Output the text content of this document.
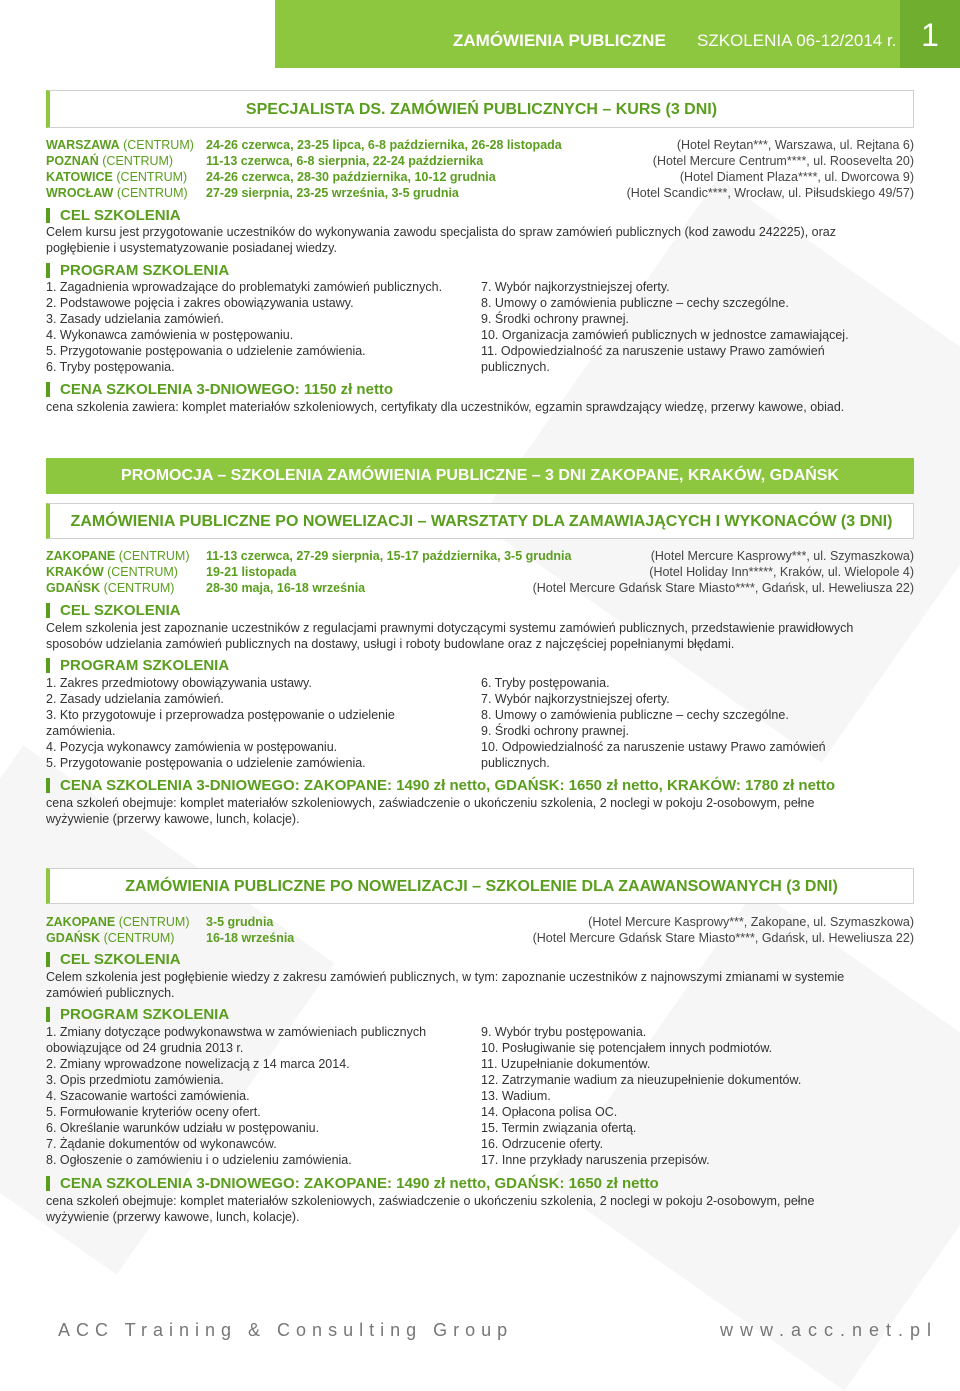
ZAMÓWIENIA PUBLICZNE SZKOLENIA 06-12/2014 r. 1
SPECJALISTA DS. ZAMÓWIEŃ PUBLICZNYCH – KURS (3 DNI)
WARSZAWA (CENTRUM) 24-26 czerwca, 23-25 lipca, 6-8 października, 26-28 listopada	(Hotel Reytan***, Warszawa, ul. Rejtana 6)
POZNAŃ (CENTRUM)	11-13 czerwca, 6-8 sierpnia, 22-24 października	(Hotel Mercure Centrum****, ul. Roosevelta 20)
KATOWICE (CENTRUM) 24-26 czerwca, 28-30 października, 10-12 grudnia	(Hotel Diament Plaza****, ul. Dworcowa 9)
WROCŁAW (CENTRUM) 27-29 sierpnia, 23-25 września, 3-5 grudnia	(Hotel Scandic****, Wrocław, ul. Piłsudskiego 49/57)
CEL SZKOLENIA
Celem kursu jest przygotowanie uczestników do wykonywania zawodu specjalista do spraw zamówień publicznych (kod zawodu 242225), oraz pogłębienie i usystematyzowanie posiadanej wiedzy.
PROGRAM SZKOLENIA
1. Zagadnienia wprowadzające do problematyki zamówień publicznych.
2. Podstawowe pojęcia i zakres obowiązywania ustawy.
3. Zasady udzielania zamówień.
4. Wykonawca zamówienia w postępowaniu.
5. Przygotowanie postępowania o udzielenie zamówienia.
6. Tryby postępowania.
7. Wybór najkorzystniejszej oferty.
8. Umowy o zamówienia publiczne – cechy szczególne.
9. Środki ochrony prawnej.
10. Organizacja zamówień publicznych w jednostce zamawiającej.
11. Odpowiedzialność za naruszenie ustawy Prawo zamówień
publicznych.
CENA SZKOLENIA 3-DNIOWEGO: 1150 zł netto
cena szkolenia zawiera: komplet materiałów szkoleniowych, certyfikaty dla uczestników, egzamin sprawdzający wiedzę, przerwy kawowe, obiad.
PROMOCJA – SZKOLENIA ZAMÓWIENIA PUBLICZNE – 3 DNI ZAKOPANE, KRAKÓW, GDAŃSK
ZAMÓWIENIA PUBLICZNE PO NOWELIZACJI – WARSZTATY DLA ZAMAWIAJĄCYCH I WYKONACÓW (3 DNI)
ZAKOPANE (CENTRUM) 11-13 czerwca, 27-29 sierpnia, 15-17 października, 3-5 grudnia	(Hotel Mercure Kasprowy***, ul. Szymaszkowa)
KRAKÓW (CENTRUM) 19-21 listopada	(Hotel Holiday Inn*****, Kraków, ul. Wielopole 4)
GDAŃSK (CENTRUM)	28-30 maja, 16-18 września	(Hotel Mercure Gdańsk Stare Miasto****, Gdańsk, ul. Heweliusza 22)
CEL SZKOLENIA
Celem szkolenia jest zapoznanie uczestników z regulacjami prawnymi dotyczącymi systemu zamówień publicznych, przedstawienie prawidłowych sposobów udzielania zamówień publicznych na dostawy, usługi i roboty budowlane oraz z najczęściej popełnianymi błędami.
PROGRAM SZKOLENIA
1. Zakres przedmiotowy obowiązywania ustawy.
2. Zasady udzielania zamówień.
3. Kto przygotowuje i przeprowadza postępowanie o udzielenie
zamówienia.
4. Pozycja wykonawcy zamówienia w postępowaniu.
5. Przygotowanie postępowania o udzielenie zamówienia.
6. Tryby postępowania.
7. Wybór najkorzystniejszej oferty.
8. Umowy o zamówienia publiczne – cechy szczególne.
9. Środki ochrony prawnej.
10. Odpowiedzialność za naruszenie ustawy Prawo zamówień
publicznych.
CENA SZKOLENIA 3-DNIOWEGO: ZAKOPANE: 1490 zł netto, GDAŃSK: 1650 zł netto, KRAKÓW: 1780 zł netto
cena szkoleń obejmuje: komplet materiałów szkoleniowych, zaświadczenie o ukończeniu szkolenia, 2 noclegi w pokoju 2-osobowym, pełne wyżywienie (przerwy kawowe, lunch, kolacje).
ZAMÓWIENIA PUBLICZNE PO NOWELIZACJI – SZKOLENIE DLA ZAAWANSOWANYCH (3 DNI)
ZAKOPANE (CENTRUM) 3-5 grudnia	(Hotel Mercure Kasprowy***, Zakopane, ul. Szymaszkowa)
GDAŃSK (CENTRUM)	16-18 września	(Hotel Mercure Gdańsk Stare Miasto****, Gdańsk, ul. Heweliusza 22)
CEL SZKOLENIA
Celem szkolenia jest pogłębienie wiedzy z zakresu zamówień publicznych, w tym: zapoznanie uczestników z najnowszymi zmianami w systemie zamówień publicznych.
PROGRAM SZKOLENIA
1. Zmiany dotyczące podwykonawstwa w zamówieniach publicznych
obowiązujące od 24 grudnia 2013 r.
2. Zmiany wprowadzone nowelizacją z 14 marca 2014.
3. Opis przedmiotu zamówienia.
4. Szacowanie wartości zamówienia.
5. Formułowanie kryteriów oceny ofert.
6. Określanie warunków udziału w postępowaniu.
7. Żądanie dokumentów od wykonawców.
8. Ogłoszenie o zamówieniu i o udzieleniu zamówienia.
9. Wybór trybu postępowania.
10. Posługiwanie się potencjałem innych podmiotów.
11. Uzupełnianie dokumentów.
12. Zatrzymanie wadium za nieuzupełnienie dokumentów.
13. Wadium.
14. Opłacona polisa OC.
15. Termin związania ofertą.
16. Odrzucenie oferty.
17. Inne przykłady naruszenia przepisów.
CENA SZKOLENIA 3-DNIOWEGO: ZAKOPANE: 1490 zł netto, GDAŃSK: 1650 zł netto
cena szkoleń obejmuje: komplet materiałów szkoleniowych, zaświadczenie o ukończeniu szkolenia, 2 noclegi w pokoju 2-osobowym, pełne wyżywienie (przerwy kawowe, lunch, kolacje).
ACC Training & Consulting Group	www.acc.net.pl
